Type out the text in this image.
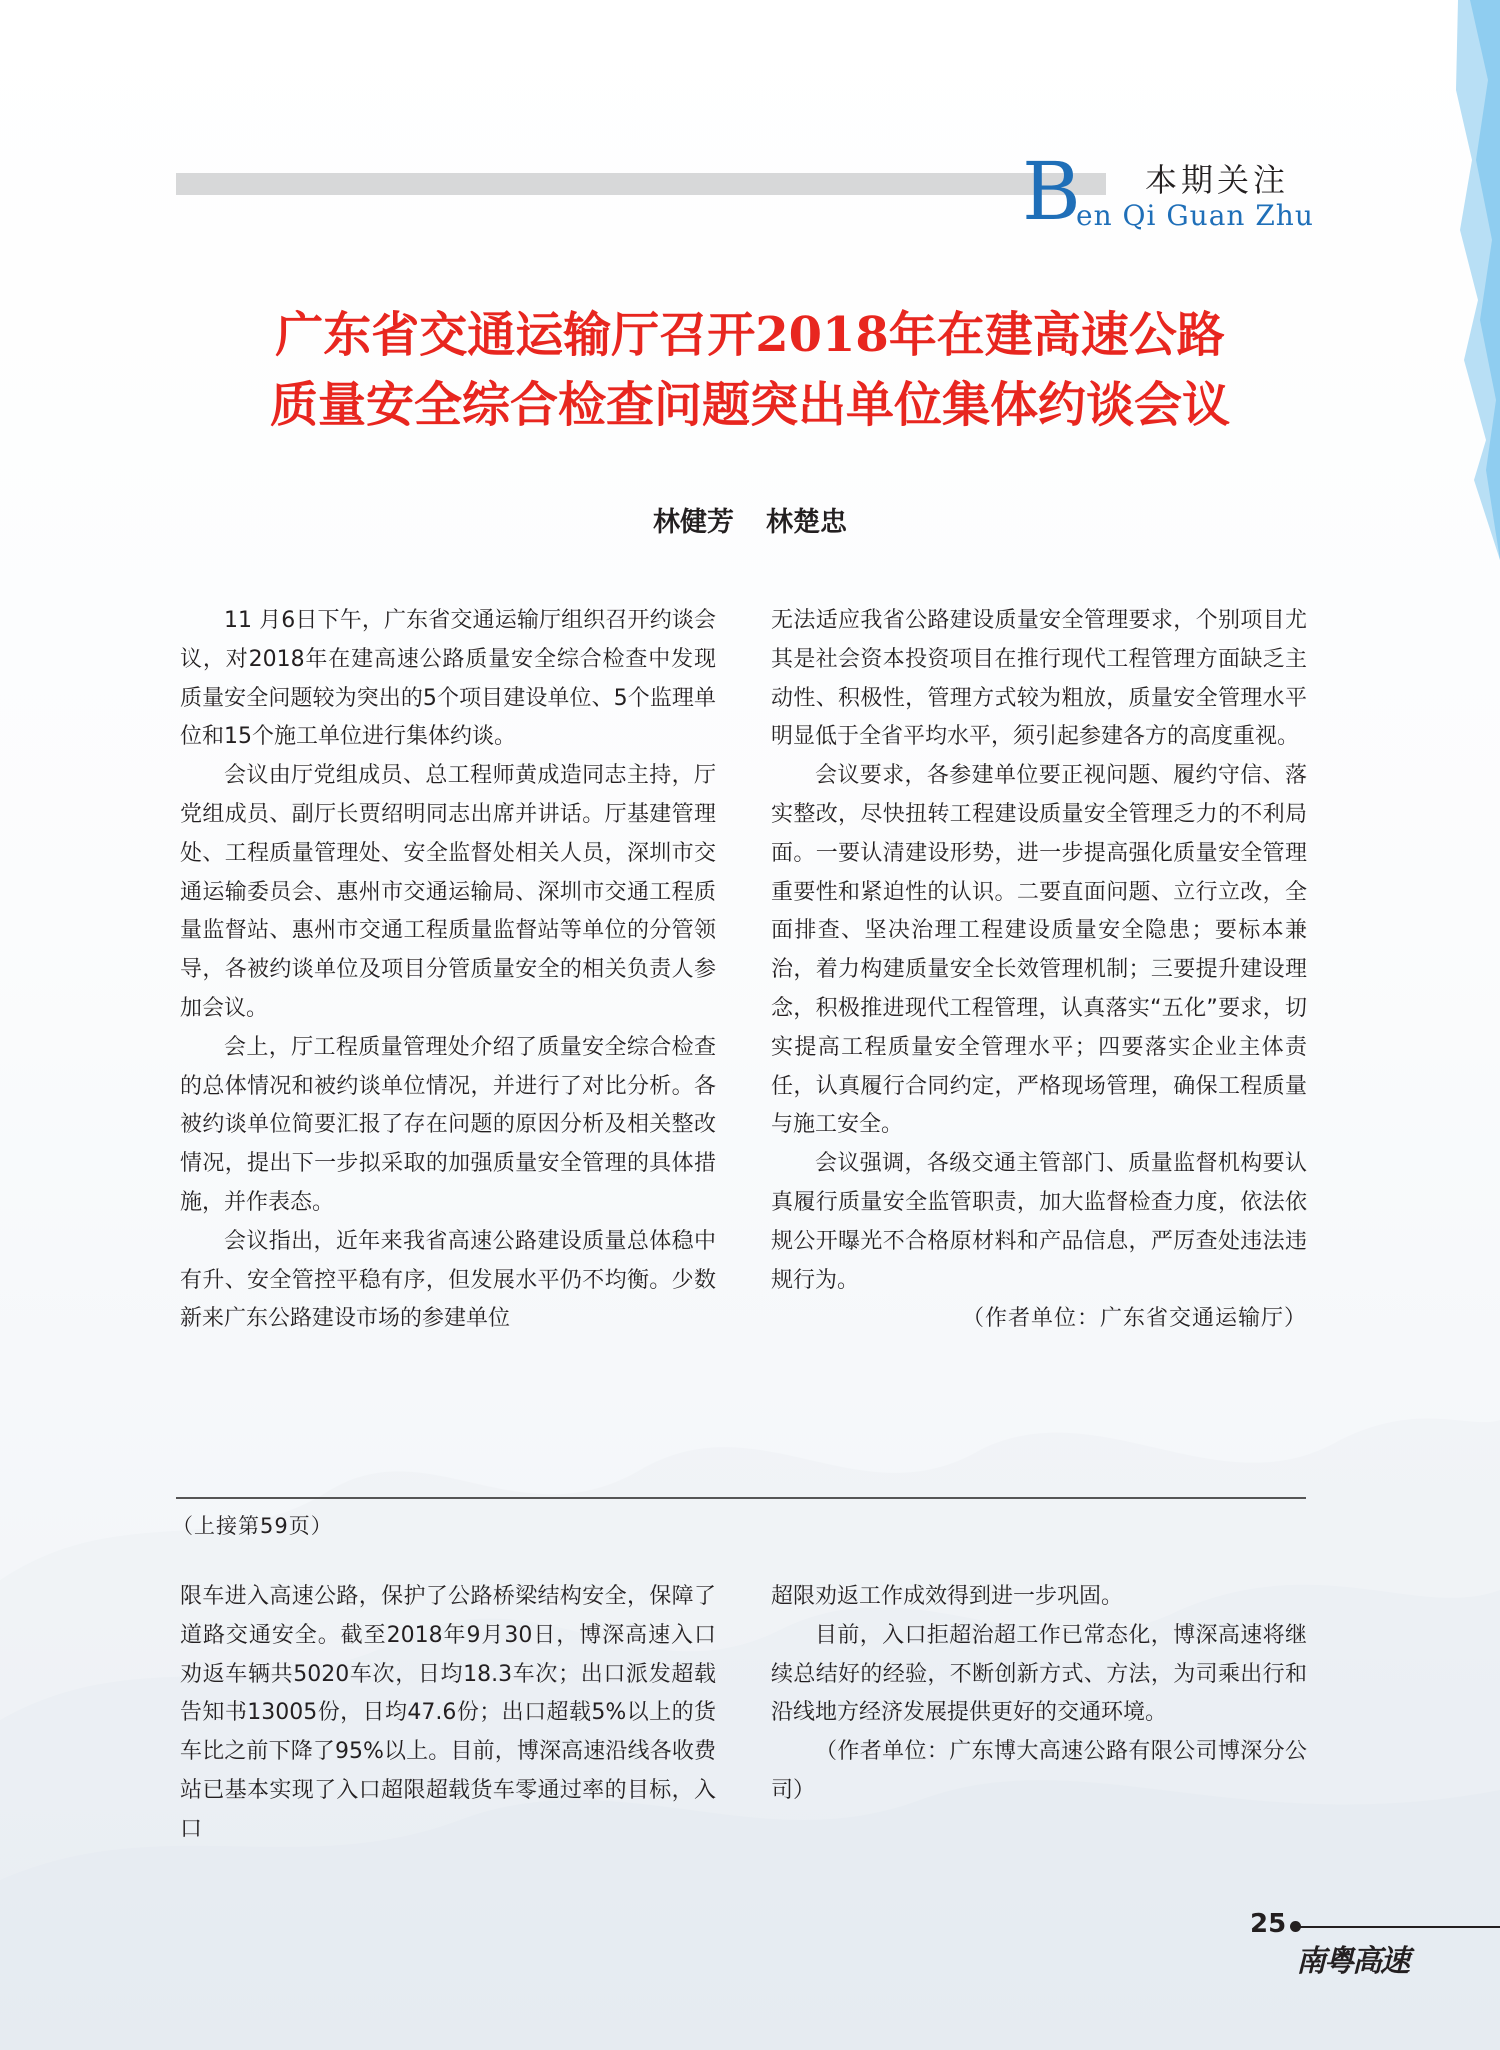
B 本期关注
en Qi Guan Zhu
广东省交通运输厅召开2018年在建高速公路
质量安全综合检查问题突出单位集体约谈会议
林健芳 林楚忠

11 月6日下午，广东省交通运输厅组织召开约谈会议，对2018年在建高速公路质量安全综合检查中发现质量安全问题较为突出的5个项目建设单位、5个监理单位和15个施工单位进行集体约谈。

会议由厅党组成员、总工程师黄成造同志主持，厅党组成员、副厅长贾绍明同志出席并讲话。厅基建管理处、工程质量管理处、安全监督处相关人员，深圳市交通运输委员会、惠州市交通运输局、深圳市交通工程质量监督站、惠州市交通工程质量监督站等单位的分管领导，各被约谈单位及项目分管质量安全的相关负责人参加会议。

会上，厅工程质量管理处介绍了质量安全综合检查的总体情况和被约谈单位情况，并进行了对比分析。各被约谈单位简要汇报了存在问题的原因分析及相关整改情况，提出下一步拟采取的加强质量安全管理的具体措施，并作表态。

会议指出，近年来我省高速公路建设质量总体稳中有升、安全管控平稳有序，但发展水平仍不均衡。少数新来广东公路建设市场的参建单位

无法适应我省公路建设质量安全管理要求，个别项目尤其是社会资本投资项目在推行现代工程管理方面缺乏主动性、积极性，管理方式较为粗放，质量安全管理水平明显低于全省平均水平，须引起参建各方的高度重视。

会议要求，各参建单位要正视问题、履约守信、落实整改，尽快扭转工程建设质量安全管理乏力的不利局面。一要认清建设形势，进一步提高强化质量安全管理重要性和紧迫性的认识。二要直面问题、立行立改，全面排查、坚决治理工程建设质量安全隐患；要标本兼治，着力构建质量安全长效管理机制；三要提升建设理念，积极推进现代工程管理，认真落实“五化”要求，切实提高工程质量安全管理水平；四要落实企业主体责任，认真履行合同约定，严格现场管理，确保工程质量与施工安全。

会议强调，各级交通主管部门、质量监督机构要认真履行质量安全监管职责，加大监督检查力度，依法依规公开曝光不合格原材料和产品信息，严厉查处违法违规行为。

（作者单位：广东省交通运输厅）

（上接第59页）

限车进入高速公路，保护了公路桥梁结构安全，保障了道路交通安全。截至2018年9月30日，博深高速入口劝返车辆共5020车次，日均18.3车次；出口派发超载告知书13005份，日均47.6份；出口超载5%以上的货车比之前下降了95%以上。目前，博深高速沿线各收费站已基本实现了入口超限超载货车零通过率的目标，入口

超限劝返工作成效得到进一步巩固。

目前，入口拒超治超工作已常态化，博深高速将继续总结好的经验，不断创新方式、方法，为司乘出行和沿线地方经济发展提供更好的交通环境。

（作者单位：广东博大高速公路有限公司博深分公司）

25
南粤高速
